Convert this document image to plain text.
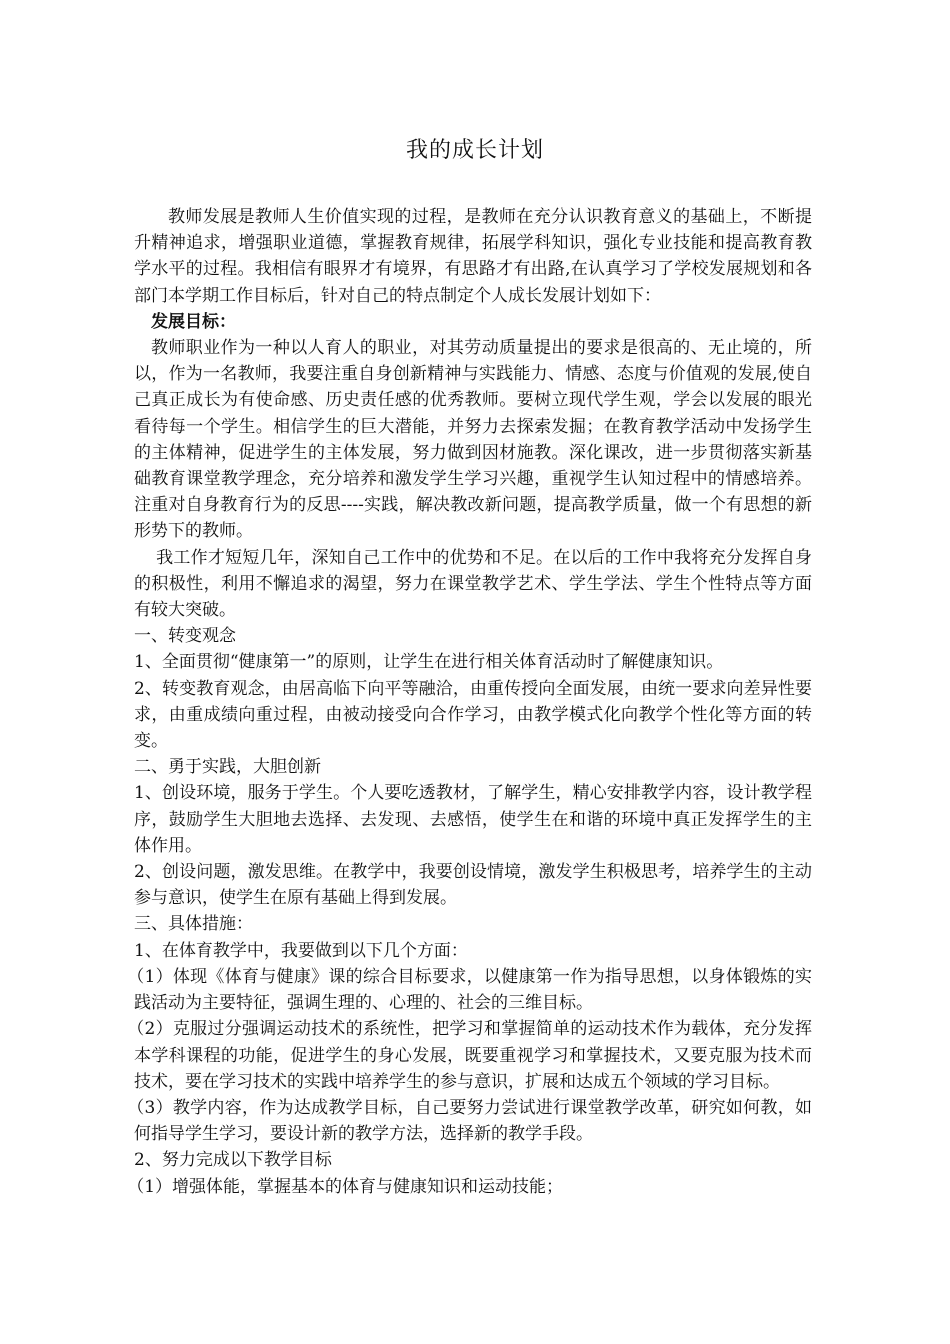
我的成长计划

教师发展是教师人生价值实现的过程，是教师在充分认识教育意义的基础上，不断提升精神追求，增强职业道德，掌握教育规律，拓展学科知识，强化专业技能和提高教育教学水平的过程。我相信有眼界才有境界，有思路才有出路,在认真学习了学校发展规划和各部门本学期工作目标后，针对自己的特点制定个人成长发展计划如下：

发展目标：

教师职业作为一种以人育人的职业，对其劳动质量提出的要求是很高的、无止境的，所以，作为一名教师，我要注重自身创新精神与实践能力、情感、态度与价值观的发展,使自己真正成长为有使命感、历史责任感的优秀教师。要树立现代学生观，学会以发展的眼光看待每一个学生。相信学生的巨大潜能，并努力去探索发掘；在教育教学活动中发扬学生的主体精神，促进学生的主体发展，努力做到因材施教。深化课改，进一步贯彻落实新基础教育课堂教学理念，充分培养和激发学生学习兴趣，重视学生认知过程中的情感培养。注重对自身教育行为的反思----实践，解决教改新问题，提高教学质量，做一个有思想的新形势下的教师。

我工作才短短几年，深知自己工作中的优势和不足。在以后的工作中我将充分发挥自身的积极性，利用不懈追求的渴望，努力在课堂教学艺术、学生学法、学生个性特点等方面有较大突破。

一、转变观念

1、全面贯彻“健康第一”的原则，让学生在进行相关体育活动时了解健康知识。

2、转变教育观念，由居高临下向平等融洽，由重传授向全面发展，由统一要求向差异性要求，由重成绩向重过程，由被动接受向合作学习，由教学模式化向教学个性化等方面的转变。

二、勇于实践，大胆创新

1、创设环境，服务于学生。个人要吃透教材，了解学生，精心安排教学内容，设计教学程序，鼓励学生大胆地去选择、去发现、去感悟，使学生在和谐的环境中真正发挥学生的主体作用。

2、创设问题，激发思维。在教学中，我要创设情境，激发学生积极思考，培养学生的主动参与意识，使学生在原有基础上得到发展。

三、具体措施：

1、在体育教学中，我要做到以下几个方面：

（1）体现《体育与健康》课的综合目标要求，以健康第一作为指导思想，以身体锻炼的实践活动为主要特征，强调生理的、心理的、社会的三维目标。

（2）克服过分强调运动技术的系统性，把学习和掌握简单的运动技术作为载体，充分发挥本学科课程的功能，促进学生的身心发展，既要重视学习和掌握技术，又要克服为技术而技术，要在学习技术的实践中培养学生的参与意识，扩展和达成五个领域的学习目标。

（3）教学内容，作为达成教学目标，自己要努力尝试进行课堂教学改革，研究如何教，如何指导学生学习，要设计新的教学方法，选择新的教学手段。

2、努力完成以下教学目标

（1）增强体能，掌握基本的体育与健康知识和运动技能；
